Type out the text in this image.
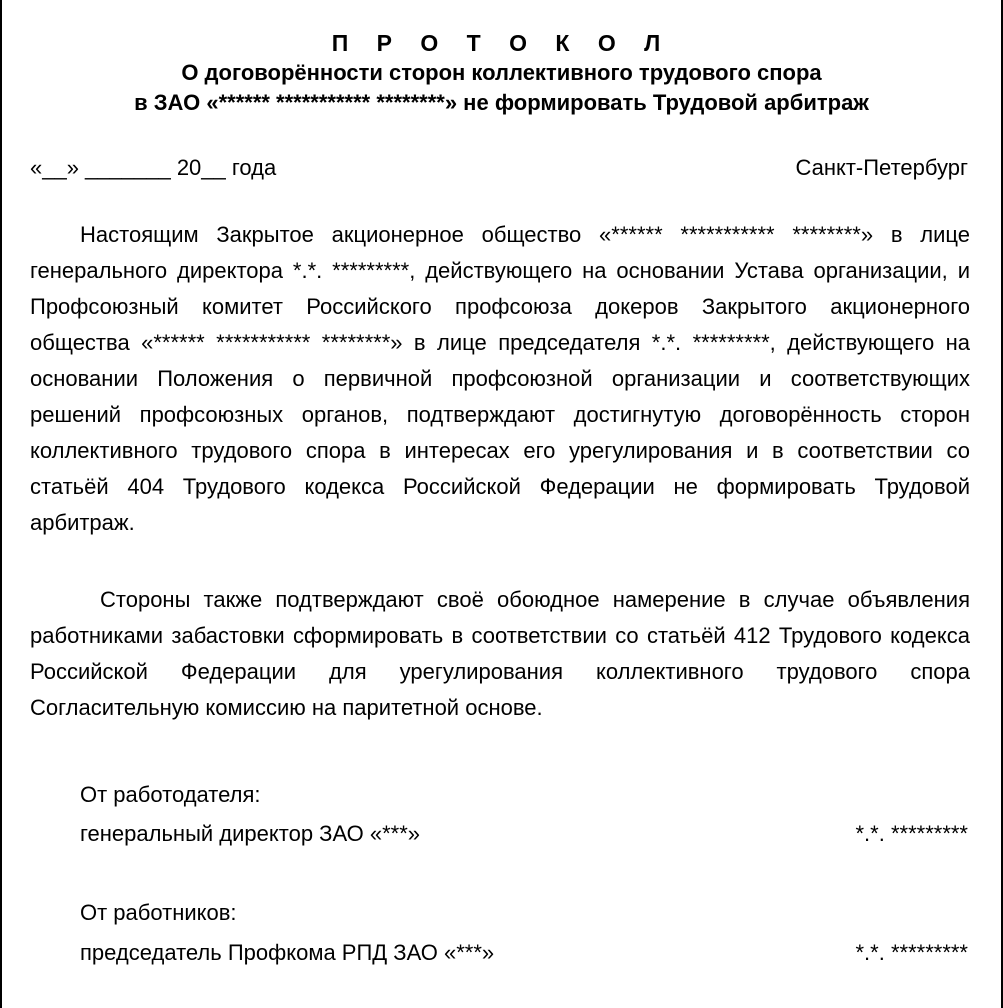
П Р О Т О К О Л
О договорённости сторон коллективного трудового спора
в ЗАО «****** *********** ********» не формировать Трудовой арбитраж
«__» _______ 20__ года	Санкт-Петербург

Настоящим Закрытое акционерное общество «****** *********** ********» в лице генерального директора *.*. *********, действующего на основании Устава организации, и Профсоюзный комитет Российского профсоюза докеров Закрытого акционерного общества «****** *********** ********» в лице председателя *.*. *********, действующего на основании Положения о первичной профсоюзной организации и соответствующих решений профсоюзных органов, подтверждают достигнутую договорённость сторон коллективного трудового спора в интересах его урегулирования и в соответствии со статьёй 404 Трудового кодекса Российской Федерации не формировать Трудовой арбитраж.

Стороны также подтверждают своё обоюдное намерение в случае объявления работниками забастовки сформировать в соответствии со статьёй 412 Трудового кодекса Российской Федерации для урегулирования коллективного трудового спора Согласительную комиссию на паритетной основе.

От работодателя:
генеральный директор ЗАО «***»	*.*. *********
От работников:
председатель Профкома РПД ЗАО «***»	*.*. *********
